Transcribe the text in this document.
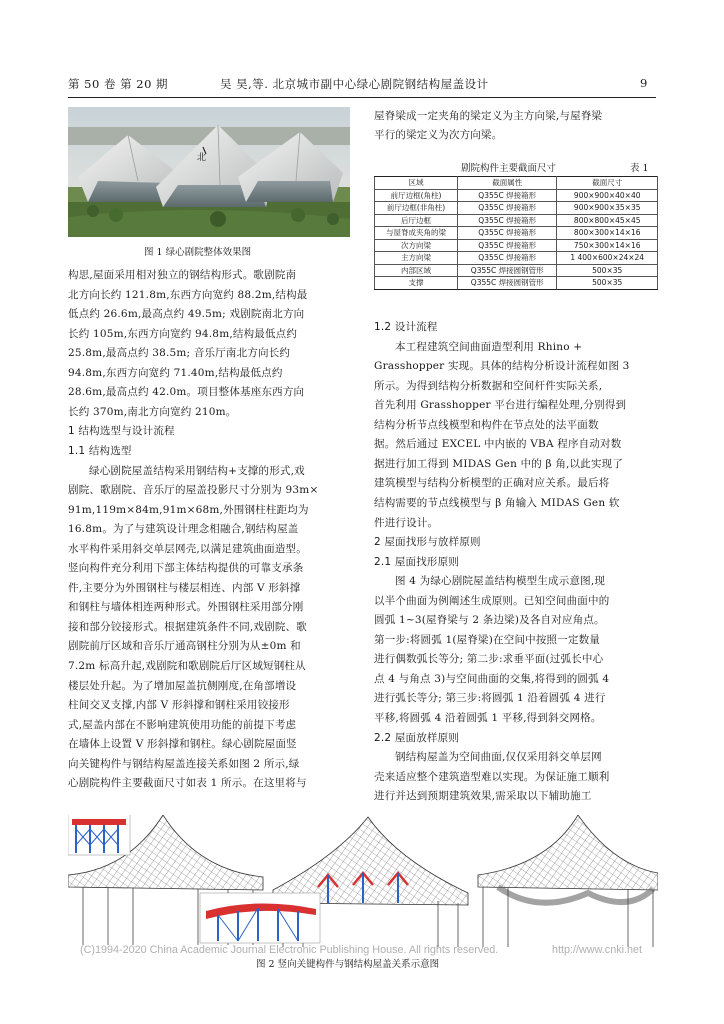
第 50 卷 第 20 期	吴 昊,等. 北京城市副中心绿心剧院钢结构屋盖设计	9
北
图 1 绿心剧院整体效果图
构思,屋面采用相对独立的钢结构形式。歌剧院南
北方向长约 121.8m,东西方向宽约 88.2m,结构最
低点约 26.6m,最高点约 49.5m; 戏剧院南北方向
长约 105m,东西方向宽约 94.8m,结构最低点约
25.8m,最高点约 38.5m; 音乐厅南北方向长约
94.8m,东西方向宽约 71.40m,结构最低点约
28.6m,最高点约 42.0m。项目整体基座东西方向
长约 370m,南北方向宽约 210m。
1 结构选型与设计流程
1.1 结构选型
绿心剧院屋盖结构采用钢结构+支撑的形式,戏
剧院、歌剧院、音乐厅的屋盖投影尺寸分别为 93m×
91m,119m×84m,91m×68m,外围钢柱柱距均为
16.8m。为了与建筑设计理念相融合,钢结构屋盖
水平构件采用斜交单层网壳,以满足建筑曲面造型。
竖向构件充分利用下部主体结构提供的可靠支承条
件,主要分为外围钢柱与楼层相连、内部 V 形斜撑
和钢柱与墙体相连两种形式。外围钢柱采用部分刚
接和部分铰接形式。根据建筑条件不同,戏剧院、歌
剧院前厅区域和音乐厅通高钢柱分别为从±0m 和
7.2m 标高升起,戏剧院和歌剧院后厅区域短钢柱从
楼层处升起。为了增加屋盖抗侧刚度,在角部增设
柱间交叉支撑,内部 V 形斜撑和钢柱采用铰接形
式,屋盖内部在不影响建筑使用功能的前提下考虑
在墙体上设置 V 形斜撑和钢柱。绿心剧院屋面竖
向关键构件与钢结构屋盖连接关系如图 2 所示,绿
心剧院构件主要截面尺寸如表 1 所示。在这里将与
屋脊梁成一定夹角的梁定义为主方向梁,与屋脊梁
平行的梁定义为次方向梁。
剧院构件主要截面尺寸	表 1
区域	截面属性	截面尺寸
前厅边框(角柱)	Q355C 焊接箱形	900×900×40×40
前厅边框(非角柱)	Q355C 焊接箱形	900×900×35×35
后厅边框	Q355C 焊接箱形	800×800×45×45
与屋脊成夹角的梁	Q355C 焊接箱形	800×300×14×16
次方向梁	Q355C 焊接箱形	750×300×14×16
主方向梁	Q355C 焊接箱形	1 400×600×24×24
内部区域	Q355C 焊接圆钢管形	500×35
支撑	Q355C 焊接圆钢管形	500×35
1.2 设计流程
本工程建筑空间曲面造型利用 Rhino +
Grasshopper 实现。具体的结构分析设计流程如图 3
所示。为得到结构分析数据和空间杆件实际关系,
首先利用 Grasshopper 平台进行编程处理,分别得到
结构分析节点线模型和构件在节点处的法平面数
据。然后通过 EXCEL 中内嵌的 VBA 程序自动对数
据进行加工得到 MIDAS Gen 中的 β 角,以此实现了
建筑模型与结构分析模型的正确对应关系。最后将
结构需要的节点线模型与 β 角输入 MIDAS Gen 软
件进行设计。
2 屋面找形与放样原则
2.1 屋面找形原则
图 4 为绿心剧院屋盖结构模型生成示意图,现
以半个曲面为例阐述生成原则。已知空间曲面中的
圆弧 1~3(屋脊梁与 2 条边梁)及各自对应角点。
第一步:将圆弧 1(屋脊梁)在空间中按照一定数量
进行偶数弧长等分; 第二步:求垂平面(过弧长中心
点 4 与角点 3)与空间曲面的交集,将得到的圆弧 4
进行弧长等分; 第三步:将圆弧 1 沿着圆弧 4 进行
平移,将圆弧 4 沿着圆弧 1 平移,得到斜交网格。
2.2 屋面放样原则
钢结构屋盖为空间曲面,仅仅采用斜交单层网
壳来适应整个建筑造型难以实现。为保证施工顺利
进行并达到预期建筑效果,需采取以下辅助施工
图 2 竖向关键构件与钢结构屋盖关系示意图
(C)1994-2020 China Academic Journal Electronic Publishing House. All rights reserved.	http://www.cnki.net
